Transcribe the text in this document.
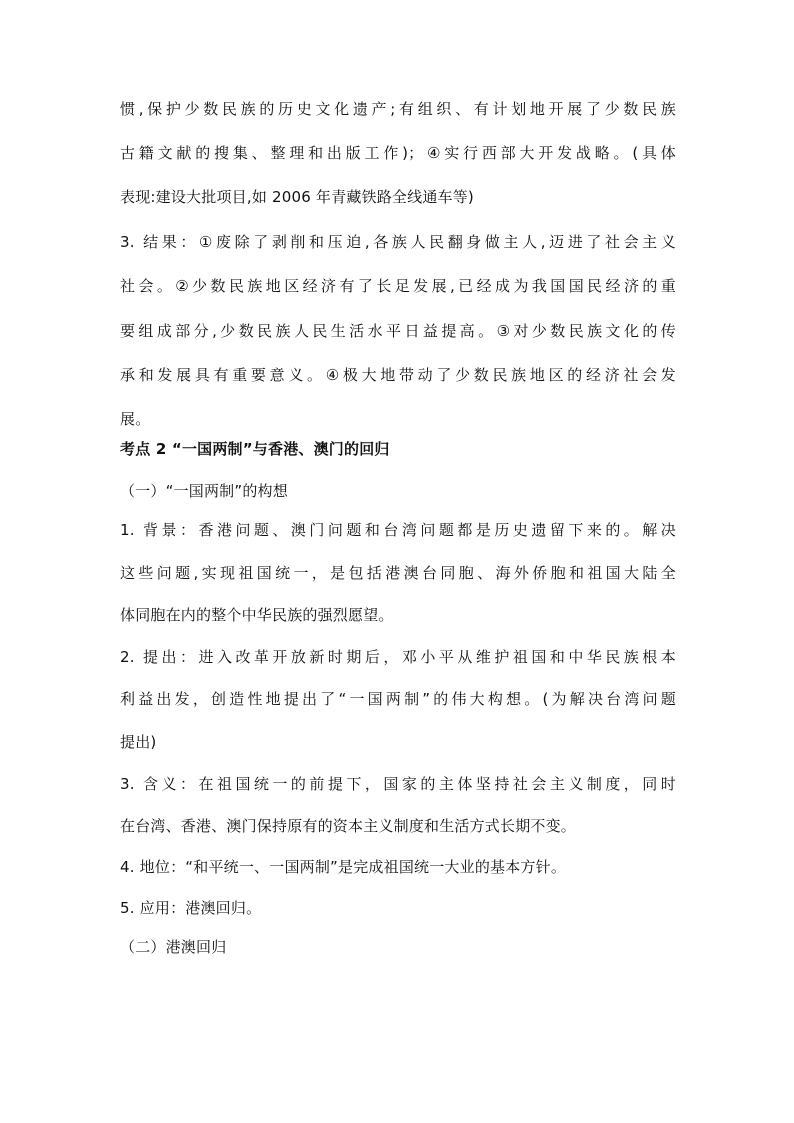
惯,保护少数民族的历史文化遗产;有组织、有计划地开展了少数民族
古籍文献的搜集、整理和出版工作)；④实行西部大开发战略。(具体
表现:建设大批项目,如 2006 年青藏铁路全线通车等)
3. 结果：①废除了剥削和压迫,各族人民翻身做主人,迈进了社会主义
社会。②少数民族地区经济有了长足发展,已经成为我国国民经济的重
要组成部分,少数民族人民生活水平日益提高。③对少数民族文化的传
承和发展具有重要意义。④极大地带动了少数民族地区的经济社会发
展。
考点 2 “一国两制”与香港、澳门的回归
（一）“一国两制”的构想
1. 背景：香港问题、澳门问题和台湾问题都是历史遗留下来的。解决
这些问题,实现祖国统一，是包括港澳台同胞、海外侨胞和祖国大陆全
体同胞在内的整个中华民族的强烈愿望。
2. 提出：进入改革开放新时期后，邓小平从维护祖国和中华民族根本
利益出发，创造性地提出了“一国两制”的伟大构想。(为解决台湾问题
提出)
3. 含义：在祖国统一的前提下，国家的主体坚持社会主义制度，同时
在台湾、香港、澳门保持原有的资本主义制度和生活方式长期不变。
4. 地位：“和平统一、一国两制”是完成祖国统一大业的基本方针。
5. 应用：港澳回归。
（二）港澳回归
